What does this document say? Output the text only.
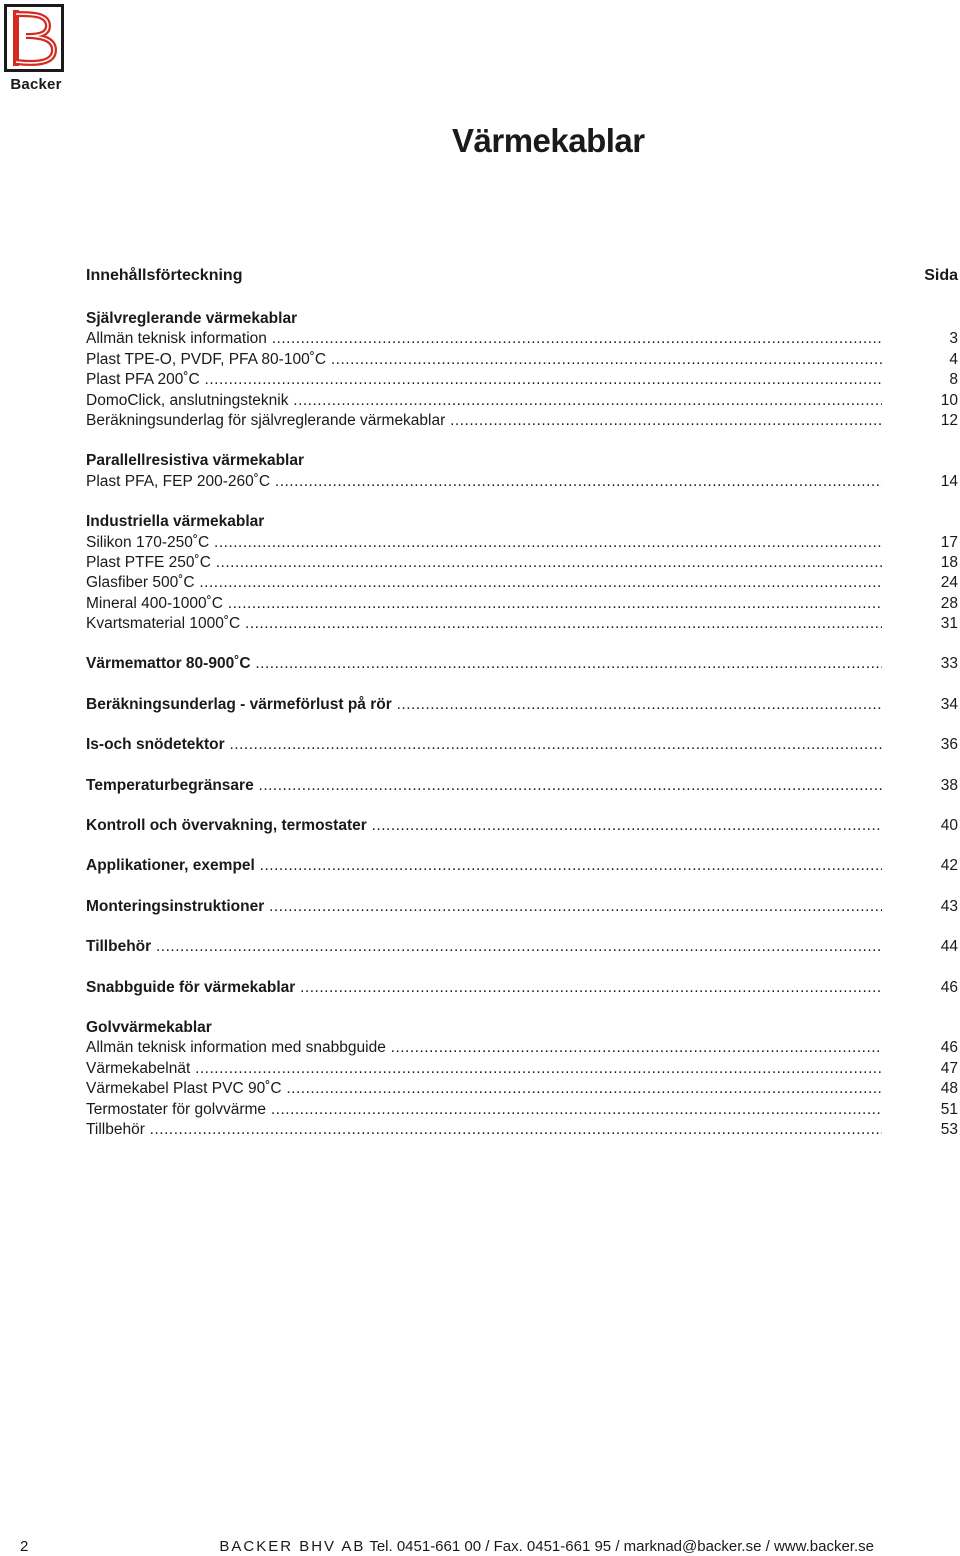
Backer
Värmekablar
Innehållsförteckning	Sida
Självreglerande värmekablar
Allmän teknisk information .....	3
Plast TPE-O, PVDF, PFA 80-100˚C .....	4
Plast PFA 200˚C .....	8
DomoClick, anslutningsteknik .....	10
Beräkningsunderlag för självreglerande värmekablar .....	12
Parallellresistiva värmekablar
Plast PFA, FEP 200-260˚C .....	14
Industriella värmekablar
Silikon 170-250˚C .....	17
Plast PTFE 250˚C .....	18
Glasfiber 500˚C .....	24
Mineral 400-1000˚C .....	28
Kvartsmaterial 1000˚C .....	31
Värmemattor 80-900˚C .....	33
Beräkningsunderlag - värmeförlust på rör .....	34
Is-och snödetektor .....	36
Temperaturbegränsare .....	38
Kontroll och övervakning, termostater .....	40
Applikationer, exempel .....	42
Monteringsinstruktioner .....	43
Tillbehör .....	44
Snabbguide för värmekablar .....	46
Golvvärmekablar
Allmän teknisk information med snabbguide .....	46
Värmekabelnät .....	47
Värmekabel Plast PVC 90˚C .....	48
Termostater för golvvärme .....	51
Tillbehör .....	53
2	BACKER BHV AB Tel. 0451-661 00 / Fax. 0451-661 95 / marknad@backer.se / www.backer.se
